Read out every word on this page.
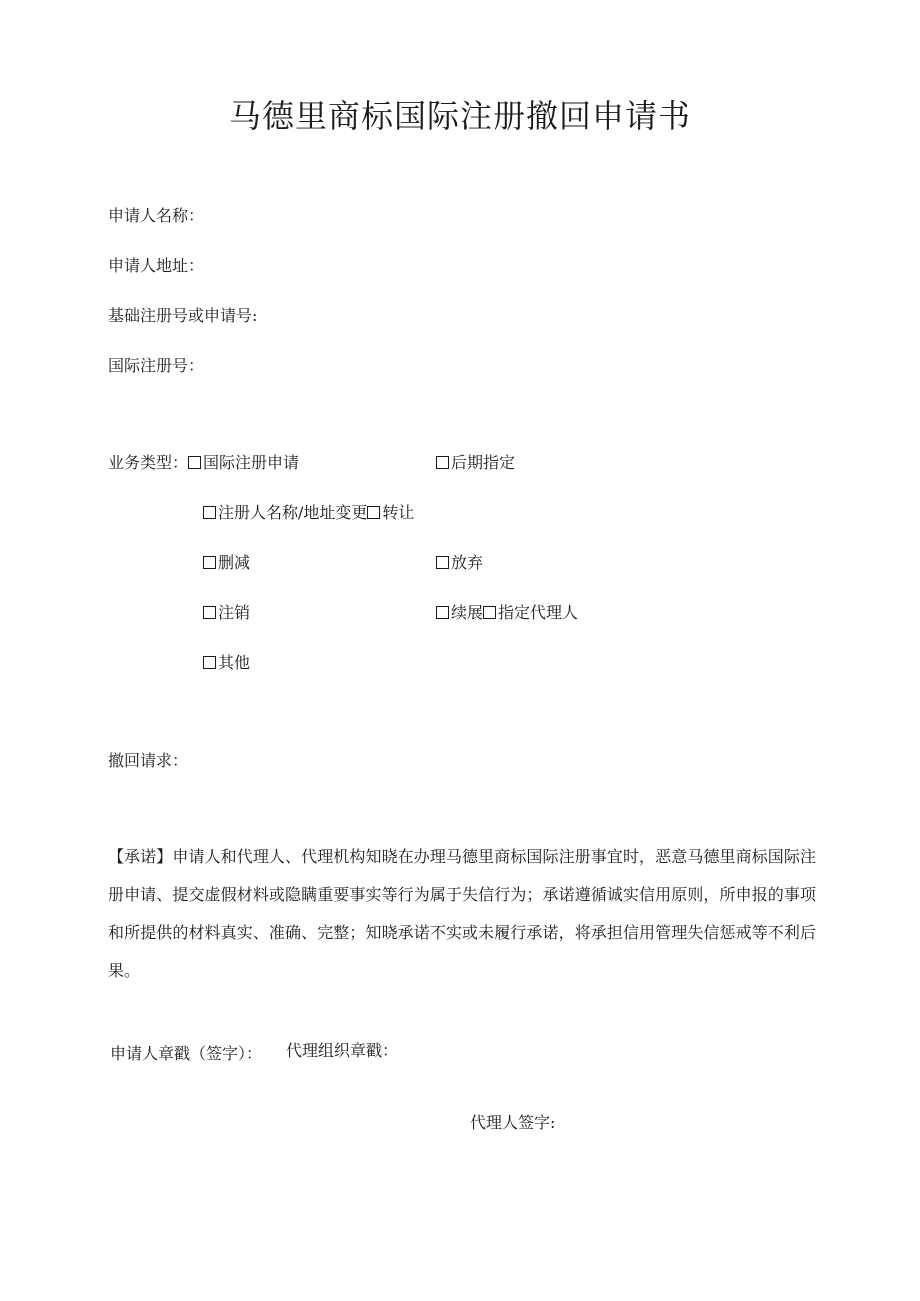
马德里商标国际注册撤回申请书
申请人名称：
申请人地址：
基础注册号或申请号:
国际注册号：
业务类型： 国际注册申请	后期指定
注册人名称/地址变更 转让
删减	放弃
注销	续展 指定代理人
其他
撤回请求：
【承诺】申请人和代理人、代理机构知晓在办理马德里商标国际注册事宜时，恶意马德里商标国际注册申请、提交虚假材料或隐瞒重要事实等行为属于失信行为；承诺遵循诚实信用原则，所申报的事项和所提供的材料真实、准确、完整；知晓承诺不实或未履行承诺，将承担信用管理失信惩戒等不利后果。
申请人章戳（签字）： 代理组织章戳：
代理人签字:
